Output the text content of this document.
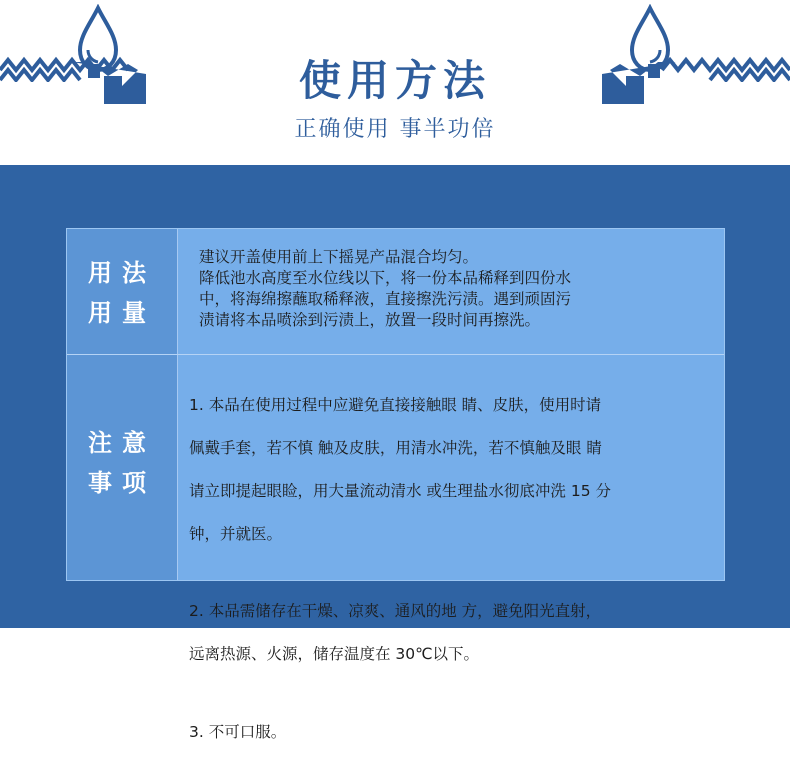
使用方法
正确使用 事半功倍
用法
用量
建议开盖使用前上下摇晃产品混合均匀。
降低池水高度至水位线以下，将一份本品稀释到四份水
中，将海绵擦蘸取稀释液，直接擦洗污渍。遇到顽固污
渍请将本品喷涂到污渍上，放置一段时间再擦洗。
注意
事项

1. 本品在使用过程中应避免直接接触眼 睛、皮肤，使用时请

佩戴手套，若不慎 触及皮肤，用清水冲洗，若不慎触及眼 睛

请立即提起眼睑，用大量流动清水 或生理盐水彻底冲洗 15 分

钟，并就医。

2. 本品需储存在干燥、凉爽、通风的地 方，避免阳光直射，

远离热源、火源，储存温度在 30℃以下。

3. 不可口服。
